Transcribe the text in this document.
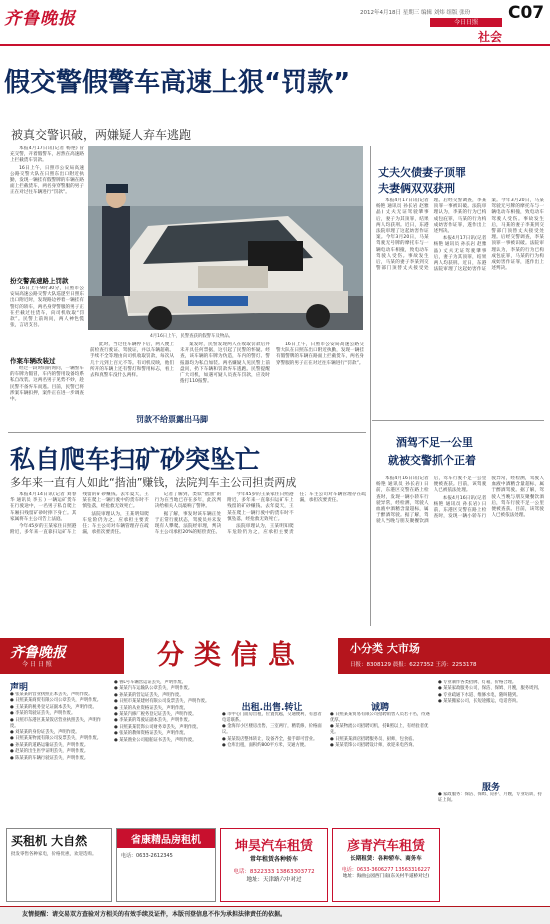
齐鲁晚报	2012年4月18日 星期三 编辑 刘炜 组版 张玢
今日日照
社会
C07
假交警假警车高速上狠“罚款”
被真交警识破，两嫌疑人弃车逃跑

本报4月17日讯(记者 杨艳) 冒充交警，开着假警车，居然在高速路上拦截货车罚款。

16日上午，日照市公安局高速公路交警大队在日照东出口附近执勤，发现一辆挂有假警牌的车辆在路面上拦截货车，两名身穿警服的男子正在对过往车辆进行“罚款”。

4月16日上午，民警查获的假警车及物品。
扮交警高速路上罚款

16日上午9时30分，日照市公安局高速公路交警大队巡逻至日照东出口附近时，发现路边停着一辆挂有警灯的轿车，两名身穿警服的男子正在拦截过往货车，向司机收取“罚款”。民警上前询问，两人神色慌张，言语支吾。

作案车辆改装过

经过一段时间的询问，一辆警车的车牌为假冒，车内的警用设备均系私自改装。这两名男子见势不妙，趁民警不备弃车而逃。目前，民警已将涉案车辆扣押，案件正在进一步调查中。

此时，当过往车辆停下后，两人便上前检查行驶证、驾驶证，并以车辆超载、手续不全等理由向司机收取罚款，每次从几十元到上百元不等。有司机反映，他们所开的车辆上还有警灯和警用标志，看上去和真警车没什么两样。

罚款不给票露出马脚

案发时，民警发现两人在收取罚款后并未开具任何票据，这引起了民警的怀疑。经查，该车辆的车牌为伪造，车内的警灯、警报器均为私自加装。两名嫌疑人见民警上前盘问，扔下车辆和罚款弃车逃跑。民警提醒广大司机，如遇可疑人员查车罚款，应及时拨打110报警。

16日上午，日照市公安局高速公路交警大队在日照东出口附近执勤，发现一辆挂有假警牌的车辆在路面上拦截货车，两名身穿警服的男子正在对过往车辆进行“罚款”。

丈夫欠债妻子顶罪
夫妻俩双双获刑

本报4月17日讯(记者 杨艳 通讯员 孙长岩 赵雅晶) 丈夫无证驾驶肇事后，妻子为其顶罪，结果两人均获刑。近日，东港法院审理了这起妨害作证案。今年3月20日，马某驾驶无号牌的摩托车与一辆电动车相撞，致电动车驾驶人受伤。事故发生后，马某的妻子李某到交警部门顶替丈夫接受处理。后经交警调查，李某顶罪一事被识破。法院审理认为，李某的行为已构成包庇罪，马某的行为构成妨害作证罪，遂作出上述判决。

本报4月17日讯(记者 杨艳 通讯员 孙长岩 赵雅晶) 丈夫无证驾驶肇事后，妻子为其顶罪，结果两人均获刑。近日，东港法院审理了这起妨害作证案。今年3月20日，马某驾驶无号牌的摩托车与一辆电动车相撞，致电动车驾驶人受伤。事故发生后，马某的妻子李某到交警部门顶替丈夫接受处理。后经交警调查，李某顶罪一事被识破。法院审理认为，李某的行为已构成包庇罪，马某的行为构成妨害作证罪，遂作出上述判决。

酒驾不足一公里
就被交警抓个正着

本报4月16日讯(记者 杨艳 通讯员 孙长岩) 日前，东港区交警在路上检查时，发现一辆小轿车行驶异常，经检测，驾驶人血液中酒精含量超标，属于醉酒驾驶。据了解，驾驶人当晚与朋友聚餐饮酒后，驾车行驶不足一公里便被查获。目前，该驾驶人已被依法处理。

本报4月16日讯(记者 杨艳 通讯员 孙长岩) 日前，东港区交警在路上检查时，发现一辆小轿车行驶异常，经检测，驾驶人血液中酒精含量超标，属于醉酒驾驶。据了解，驾驶人当晚与朋友聚餐饮酒后，驾车行驶不足一公里便被查获。目前，该驾驶人已被依法处理。

私自爬车扫矿砂突坠亡
多年来一直有人如此“揩油”赚钱，法院判车主公司担责两成

本报4月14日讯(记者 刘春华 通讯员 李玉 ) 一辆运矿货车在行驶途中，一名男子私自爬上车厢扫残留矿砂时摔下身亡。其家属将车主公司告上法庭。

今年45岁的王某家住日照港附近，多年来一直靠扫运矿车上残留的矿砂赚钱。去年夏天，王某在爬上一辆行驶中的货车时不慎坠落，经抢救无效死亡。

法院审理认为，王某明知爬车危险仍为之，应承担主要责任；车主公司对车辆管理存在疏漏，承担次要责任。

记者了解到，类似“揩油”的行为在当地已存在多年，此次判决给相关人员敲响了警钟。

据了解，事发时该车辆正处于正常行驶状态，驾驶员并未发现有人攀爬。法院经审理，判决车主公司承担20%的赔偿责任。

今年45岁的王某家住日照港附近，多年来一直靠扫运矿车上残留的矿砂赚钱。去年夏天，王某在爬上一辆行驶中的货车时不慎坠落，经抢救无效死亡。

法院审理认为，王某明知爬车危险仍为之，应承担主要责任；车主公司对车辆管理存在疏漏，承担次要责任。

齐鲁晚报
今 日 日 照	分类信息	小分类 大市场
日报：8308129 晨报：6227352 王涛：2253178
声明
● 张某某的营业执照正本丢失，声明作废。
● 日照某某商贸有限公司公章丢失，声明作废。
● 王某某的税务登记证副本丢失，声明作废。
● 李某的驾驶证丢失，声明作废。
● 日照市东港区某某饭店营业执照丢失，声明作废。
● 刘某某的身份证丢失，声明作废。
● 日照某某物流有限公司发票丢失，声明作废。
● 孙某某的道路运输证丢失，声明作废。
● 赵某的出生医学证明丢失，声明作废。
● 陈某某的车辆行驶证丢失，声明作废。
● 鲁L号车辆营运证丢失，声明作废。
● 某某汽车运输队公章丢失，声明作废。
● 孙某某的营运证丢失，声明作废。
● 日照市某某建材有限公司发票丢失，声明作废。
● 王某的从业资格证丢失，声明作废。
● 某某汽修厂税务登记证丢失，声明作废。
● 李某某的驾驶证副本丢失，声明作废。
● 日照某某装饰公司财务章丢失，声明作废。
● 张某的教师资格证丢失，声明作废。
● 某某渔业公司船舶证书丢失，声明作废。
出租.出售.转让
● 市中心门面房出租，位置优越，交通便利，有意者电话联系。
● 金海岸小区楼房出售，三室两厅，精装修，价格面议。
● 某某饭店整体转让，设备齐全，接手即可营业。
● 仓库出租，面积约800平方米，交通方便。
诚聘
● 日照某某贸易有限公司招聘销售人员若干名，待遇优厚。
● 某某物流公司招聘司机，持B照以上，有经验者优先。
● 日照某某酒店招聘服务员、厨师，包食宿。
● 某某装饰公司招聘设计师，欢迎来电咨询。
● 专业制作各类招牌、灯箱，价格合理。
● 某某家政服务公司，保洁、保姆、月嫂，服务周到。
● 专业疏通下水道、维修水电，随叫随到。
● 某某搬家公司，长短途搬运，电话咨询。
服务
● 家政服务：保洁、保姆、陪护、月嫂，专业培训，持证上岗。
买租机 大自然
批发零售各种家电，价格优惠，欢迎选购。
省康精品房租机
电话：0633-2612345
坤昊汽车租赁
常年租赁各种轿车
电话：8322333 13863303772
地址：天津路六中对过
彦青汽车租赁
长期租赁：各种轿车、商务车
电话：0633-3606277 13563316227
地址：海曲公园西门南(东关村半道桥对过)
友情提醒：请交易双方查验对方相关的有效手续及证件，本版刊登信息不作为承担法律责任的依据。
